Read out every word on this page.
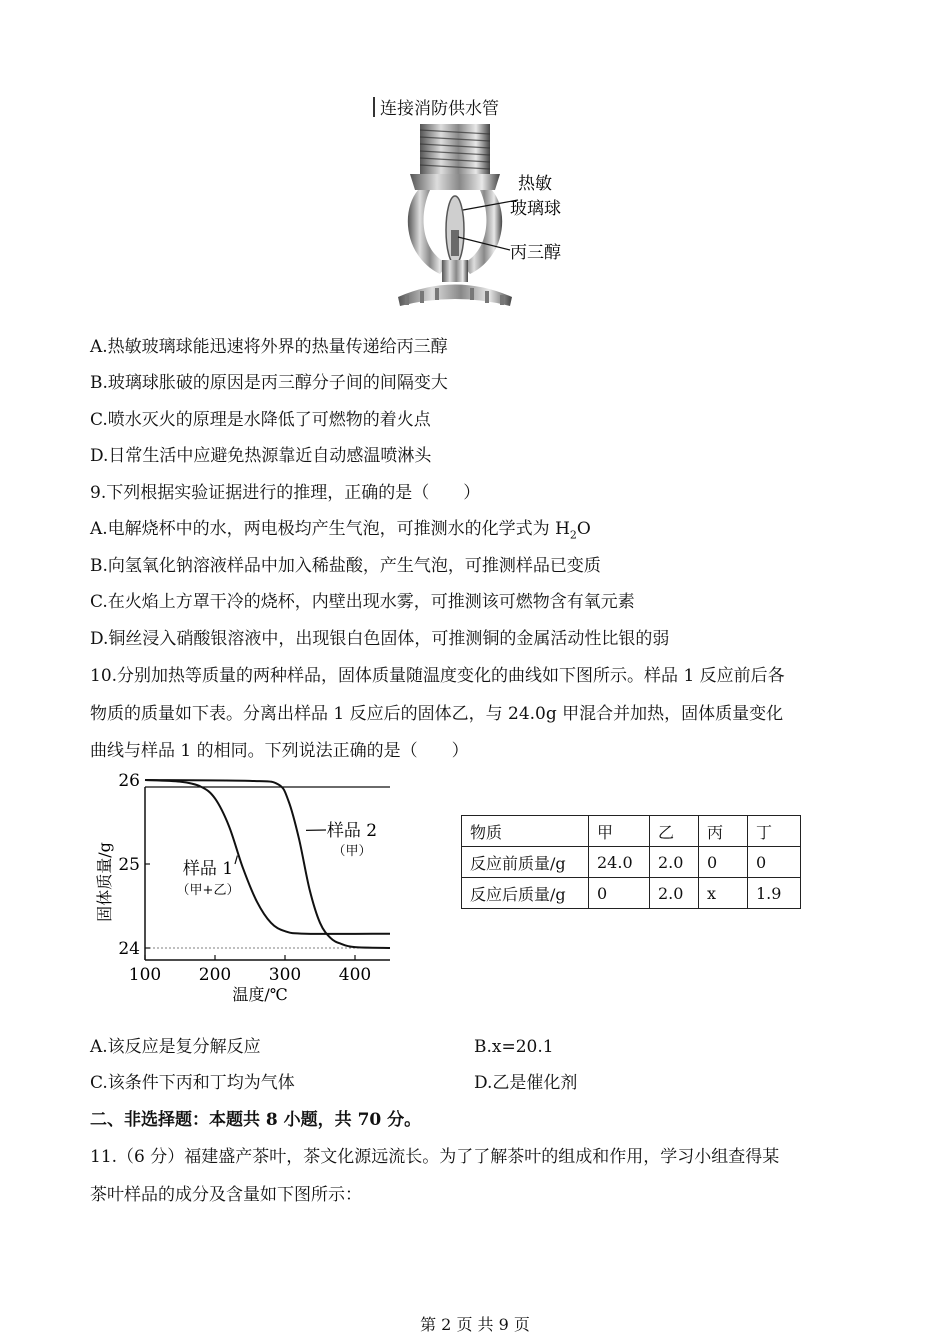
连接消防供水管
热敏
玻璃球
丙三醇
A.热敏玻璃球能迅速将外界的热量传递给丙三醇
B.玻璃球胀破的原因是丙三醇分子间的间隔变大
C.喷水灭火的原理是水降低了可燃物的着火点
D.日常生活中应避免热源靠近自动感温喷淋头
9.下列根据实验证据进行的推理，正确的是（　　）
A.电解烧杯中的水，两电极均产生气泡，可推测水的化学式为 $H_2O$
B.向氢氧化钠溶液样品中加入稀盐酸，产生气泡，可推测样品已变质
C.在火焰上方罩干冷的烧杯，内壁出现水雾，可推测该可燃物含有氧元素
D.铜丝浸入硝酸银溶液中，出现银白色固体，可推测铜的金属活动性比银的弱
10.分别加热等质量的两种样品，固体质量随温度变化的曲线如下图所示。样品 1 反应前后各
物质的质量如下表。分离出样品 1 反应后的固体乙，与 24.0g 甲混合并加热，固体质量变化
曲线与样品 1 的相同。下列说法正确的是（　　）
固体质量/g
温度/℃
24
25
26
100 200 300 400
样品 1
（甲+乙）
样品 2
（甲）
物质	甲	乙	丙	丁
反应前质量/g	24.0	2.0	0	0
反应后质量/g	0	2.0	x	1.9
A.该反应是复分解反应	B.x=20.1
C.该条件下丙和丁均为气体	D.乙是催化剂
二、非选择题：本题共 8 小题，共 70 分。
11.（6 分）福建盛产茶叶，茶文化源远流长。为了了解茶叶的组成和作用，学习小组查得某
茶叶样品的成分及含量如下图所示：
第 2 页 共 9 页
